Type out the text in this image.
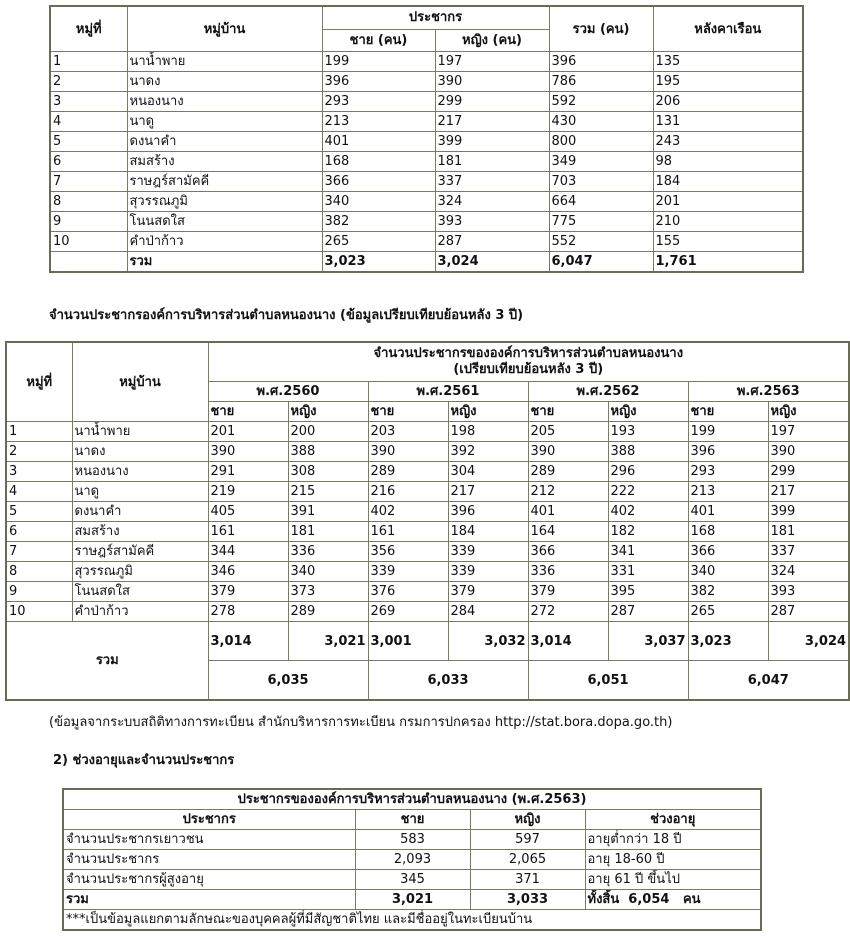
หมู่ที่	หมู่บ้าน	ประชากร		รวม (คน)	หลังคาเรือน
		ชาย (คน)	หญิง (คน)		
1	นาน้ำพาย	199	197	396	135
2	นาดง	396	390	786	195
3	หนองนาง	293	299	592	206
4	นาดู	213	217	430	131
5	ดงนาคำ	401	399	800	243
6	สมสร้าง	168	181	349	98
7	ราษฎร์สามัคคี	366	337	703	184
8	สุวรรณภูมิ	340	324	664	201
9	โนนสดใส	382	393	775	210
10	คำป่าก้าว	265	287	552	155
	รวม	3,023	3,024	6,047	1,761
จำนวนประชากรองค์การบริหารส่วนตำบลหนองนาง (ข้อมูลเปรียบเทียบย้อนหลัง 3 ปี)
หมู่ที่	หมู่บ้าน	จำนวนประชากรขององค์การบริหารส่วนตำบลหนองนาง
(เปรียบเทียบย้อนหลัง 3 ปี)							

		พ.ศ.2560		พ.ศ.2561		พ.ศ.2562		พ.ศ.2563	
		ชาย	หญิง	ชาย	หญิง	ชาย	หญิง	ชาย	หญิง
1	นาน้ำพาย	201	200	203	198	205	193	199	197
2	นาดง	390	388	390	392	390	388	396	390
3	หนองนาง	291	308	289	304	289	296	293	299
4	นาดู	219	215	216	217	212	222	213	217
5	ดงนาคำ	405	391	402	396	401	402	401	399
6	สมสร้าง	161	181	161	184	164	182	168	181
7	ราษฎร์สามัคคี	344	336	356	339	366	341	366	337
8	สุวรรณภูมิ	346	340	339	339	336	331	340	324
9	โนนสดใส	379	373	376	379	379	395	382	393
10	คำป่าก้าว	278	289	269	284	272	287	265	287
รวม		3,014	3,021	3,001	3,032	3,014	3,037	3,023	3,024
		6,035		6,033		6,051		6,047	
(ข้อมูลจากระบบสถิติทางการทะเบียน สำนักบริหารการทะเบียน กรมการปกครอง http://stat.bora.dopa.go.th)
2) ช่วงอายุและจำนวนประชากร
ประชากรขององค์การบริหารส่วนตำบลหนองนาง (พ.ศ.2563)			
ประชากร	ชาย	หญิง	ช่วงอายุ
จำนวนประชากรเยาวชน	583	597	อายุต่ำกว่า 18 ปี
จำนวนประชากร	2,093	2,065	อายุ 18-60 ปี
จำนวนประชากรผู้สูงอายุ	345	371	อายุ 61 ปี ขึ้นไป
รวม	3,021	3,033	ทั้งสิ้น  6,054   คน
***เป็นข้อมูลแยกตามลักษณะของบุคคลผู้ที่มีสัญชาติไทย และมีชื่ออยู่ในทะเบียนบ้าน			
